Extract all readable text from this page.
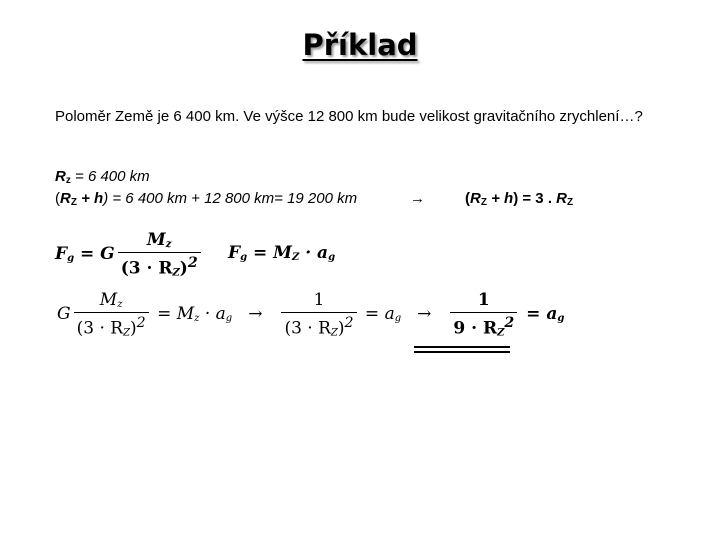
Příklad
Poloměr Země je 6 400 km. Ve výšce 12 800 km bude velikost gravitačního zrychlení…?
$R_z = 6$ 400 km
$(R_Z + h) = 6$ 400 km + 12 800 km= 19 200 km	→	$(R_Z + h) = 3$ . $R_Z$
$F_g = G \frac{M_z}{(3 \cdot R_Z)^2} F_g = M_Z \cdot a_g$
G $\frac{M_z}{(3 \cdot R_Z)^2} = M_z \cdot a_g \to \frac{1}{(3 \cdot R_Z)^2} = a_g \to \frac{1}{9 \cdot R_Z^2} = a_g$
